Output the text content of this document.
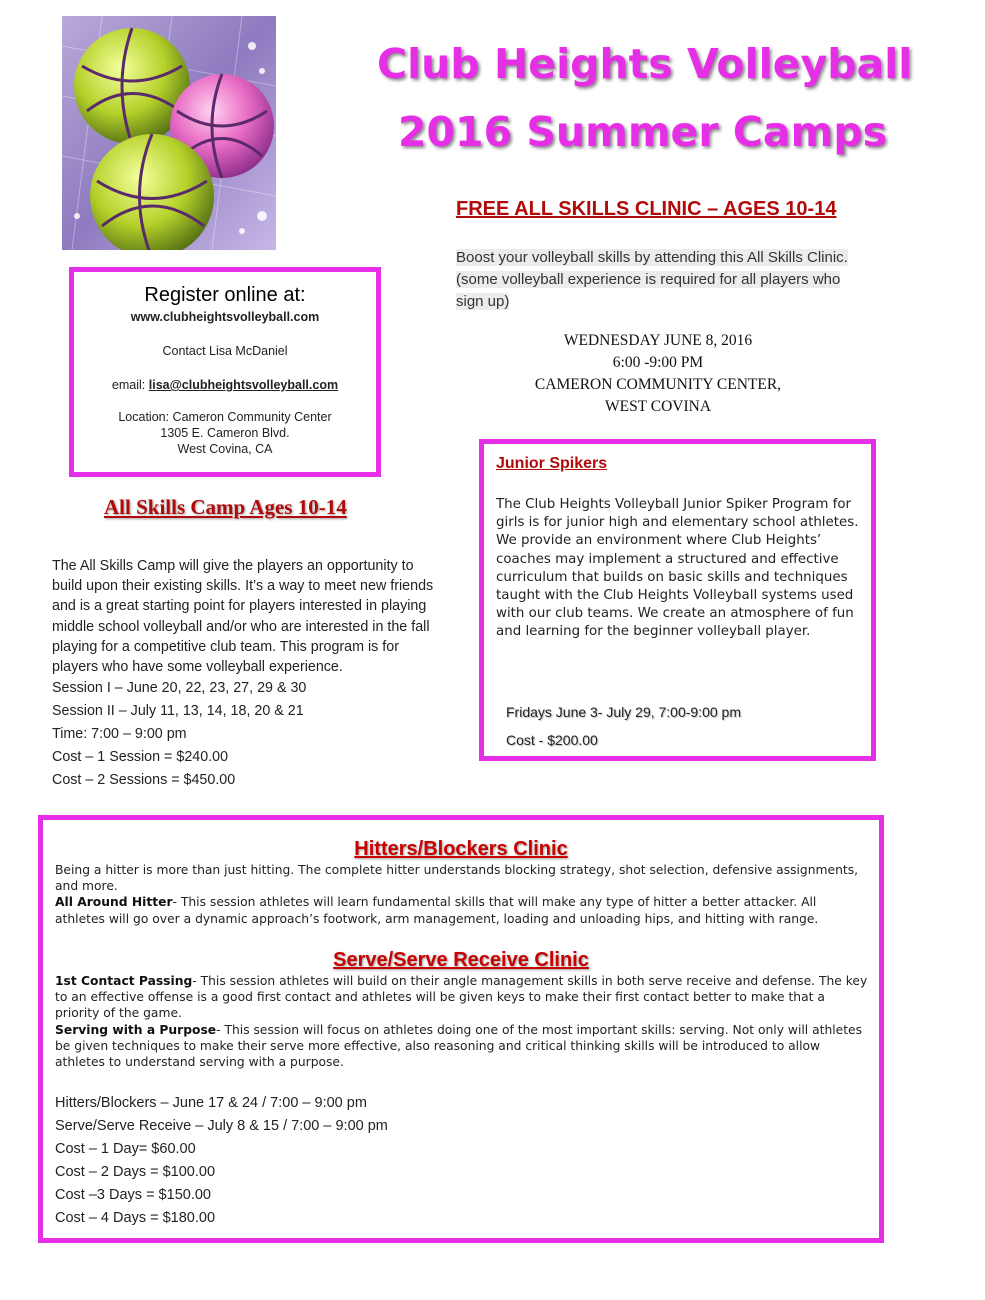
Club Heights Volleyball
2016 Summer Camps
FREE ALL SKILLS CLINIC – AGES 10-14
Boost your volleyball skills by attending this All Skills Clinic. (some volleyball experience is required for all players who sign up)
WEDNESDAY JUNE 8, 2016
6:00 -9:00 PM
CAMERON COMMUNITY CENTER,
WEST COVINA
Register online at:
www.clubheightsvolleyball.com
Contact Lisa McDaniel
email: lisa@clubheightsvolleyball.com
Location: Cameron Community Center
1305 E. Cameron Blvd.
West Covina, CA
All Skills Camp Ages 10-14
The All Skills Camp will give the players an opportunity to build upon their existing skills. It’s a way to meet new friends and is a great starting point for players interested in playing middle school volleyball and/or who are interested in the fall playing for a competitive club team. This program is for players who have some volleyball experience.
Session I – June 20, 22, 23, 27, 29 & 30
Session II – July 11, 13, 14, 18, 20 & 21
Time: 7:00 – 9:00 pm
Cost – 1 Session = $240.00
Cost – 2 Sessions = $450.00
Junior Spikers
The Club Heights Volleyball Junior Spiker Program for girls is for junior high and elementary school athletes. We provide an environment where Club Heights’ coaches may implement a structured and effective curriculum that builds on basic skills and techniques taught with the Club Heights Volleyball systems used with our club teams. We create an atmosphere of fun and learning for the beginner volleyball player.
Fridays June 3- July 29, 7:00-9:00 pm
Cost - $200.00
Hitters/Blockers Clinic
Being a hitter is more than just hitting. The complete hitter understands blocking strategy, shot selection, defensive assignments, and more.
All Around Hitter- This session athletes will learn fundamental skills that will make any type of hitter a better attacker. All athletes will go over a dynamic approach’s footwork, arm management, loading and unloading hips, and hitting with range.
Serve/Serve Receive Clinic
1st Contact Passing- This session athletes will build on their angle management skills in both serve receive and defense. The key to an effective offense is a good first contact and athletes will be given keys to make their first contact better to make that a priority of the game.
Serving with a Purpose- This session will focus on athletes doing one of the most important skills: serving. Not only will athletes be given techniques to make their serve more effective, also reasoning and critical thinking skills will be introduced to allow athletes to understand serving with a purpose.
Hitters/Blockers – June 17 & 24 / 7:00 – 9:00 pm
Serve/Serve Receive – July 8 & 15 / 7:00 – 9:00 pm
Cost – 1 Day= $60.00
Cost – 2 Days = $100.00
Cost –3 Days = $150.00
Cost – 4 Days = $180.00
